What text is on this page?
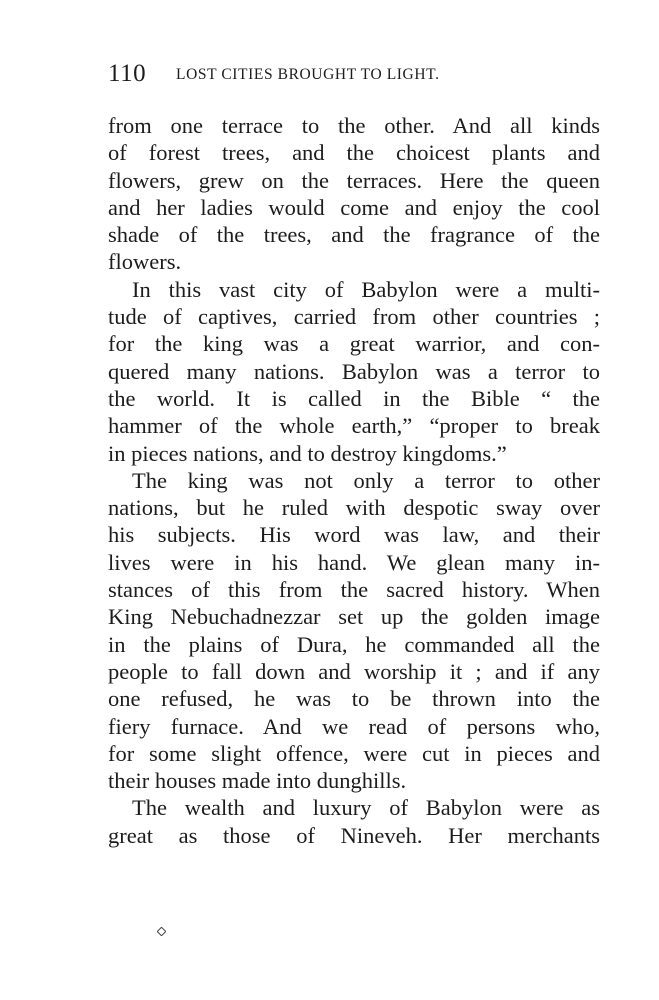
110 LOST CITIES BROUGHT TO LIGHT.
from one terrace to the other. And all kinds
of forest trees, and the choicest plants and
flowers, grew on the terraces. Here the queen
and her ladies would come and enjoy the cool
shade of the trees, and the fragrance of the
flowers.
In this vast city of Babylon were a multi-
tude of captives, carried from other countries ;
for the king was a great warrior, and con-
quered many nations. Babylon was a terror to
the world. It is called in the Bible “ the
hammer of the whole earth,” “proper to break
in pieces nations, and to destroy kingdoms.”
The king was not only a terror to other
nations, but he ruled with despotic sway over
his subjects. His word was law, and their
lives were in his hand. We glean many in-
stances of this from the sacred history. When
King Nebuchadnezzar set up the golden image
in the plains of Dura, he commanded all the
people to fall down and worship it ; and if any
one refused, he was to be thrown into the
fiery furnace. And we read of persons who,
for some slight offence, were cut in pieces and
their houses made into dunghills.
The wealth and luxury of Babylon were as
great as those of Nineveh. Her merchants
